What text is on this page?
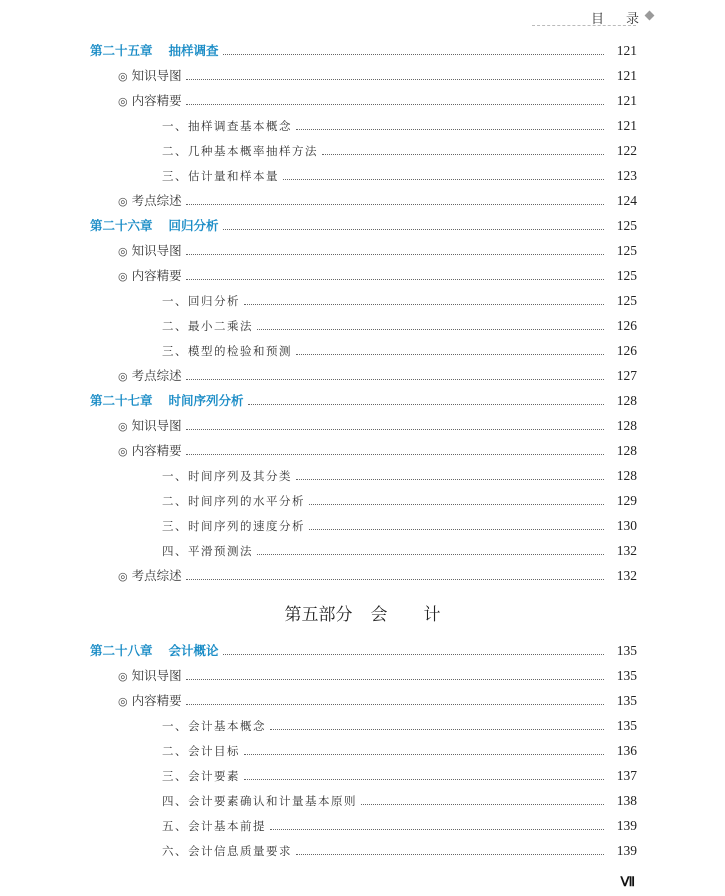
目 录
第二十五章 抽样调查	121
◎ 知识导图	121
◎ 内容精要	121
一、抽样调查基本概念	121
二、几种基本概率抽样方法	122
三、估计量和样本量	123
◎ 考点综述	124
第二十六章 回归分析	125
◎ 知识导图	125
◎ 内容精要	125
一、回归分析	125
二、最小二乘法	126
三、模型的检验和预测	126
◎ 考点综述	127
第二十七章 时间序列分析	128
◎ 知识导图	128
◎ 内容精要	128
一、时间序列及其分类	128
二、时间序列的水平分析	129
三、时间序列的速度分析	130
四、平滑预测法	132
◎ 考点综述	132
第二十八章 会计概论	135
◎ 知识导图	135
◎ 内容精要	135
一、会计基本概念	135
二、会计目标	136
三、会计要素	137
四、会计要素确认和计量基本原则	138
五、会计基本前提	139
六、会计信息质量要求	139
第五部分 会 计
Ⅶ
